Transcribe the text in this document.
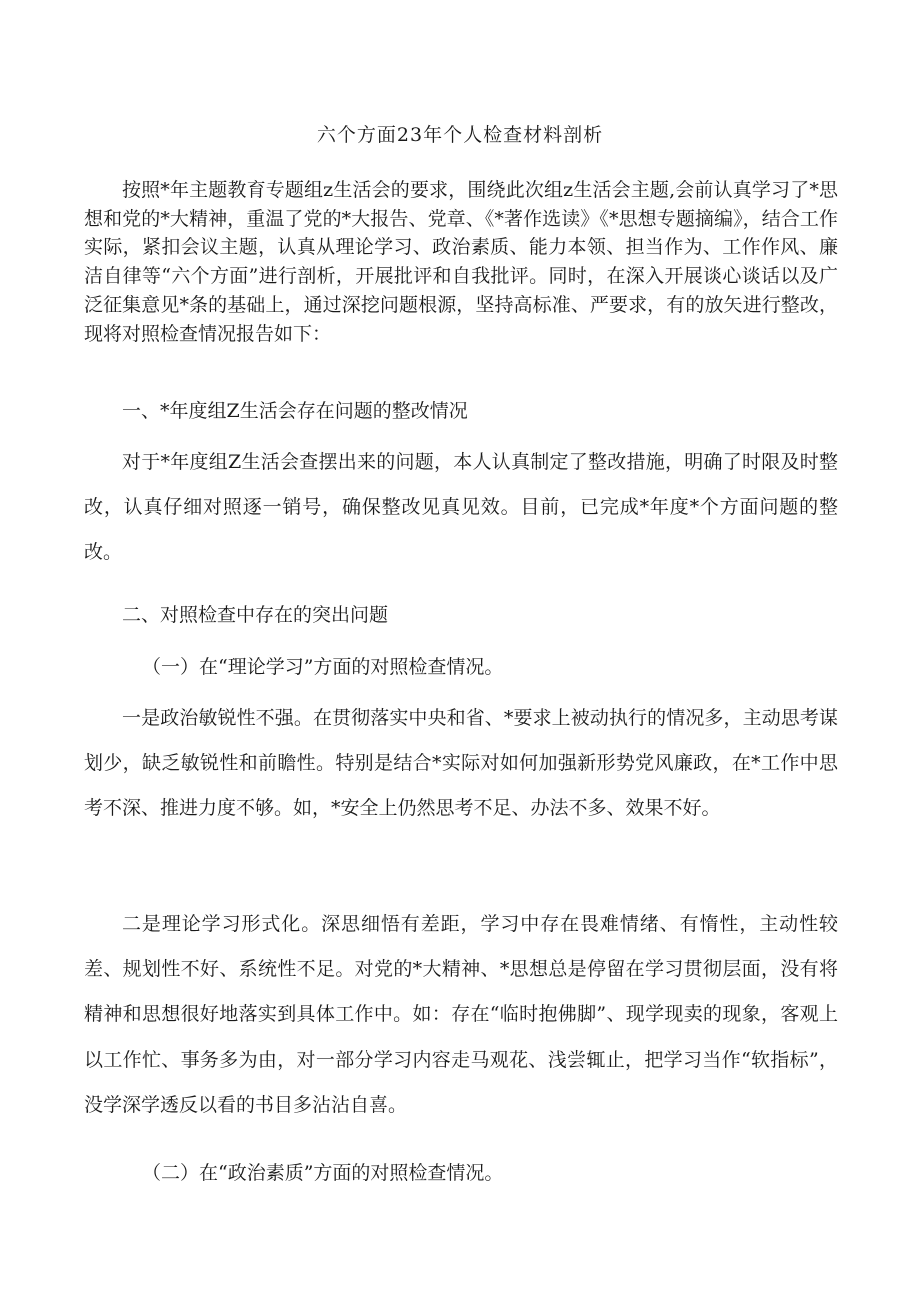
六个方面23年个人检查材料剖析

按照*年主题教育专题组z生活会的要求，围绕此次组z生活会主题,会前认真学习了*思想和党的*大精神，重温了党的*大报告、党章、《*著作选读》《*思想专题摘编》，结合工作实际，紧扣会议主题，认真从理论学习、政治素质、能力本领、担当作为、工作作风、廉洁自律等“六个方面”进行剖析，开展批评和自我批评。同时，在深入开展谈心谈话以及广泛征集意见*条的基础上，通过深挖问题根源，坚持高标准、严要求，有的放矢进行整改，现将对照检查情况报告如下：

一、*年度组Z生活会存在问题的整改情况

对于*年度组Z生活会查摆出来的问题，本人认真制定了整改措施，明确了时限及时整改，认真仔细对照逐一销号，确保整改见真见效。目前，已完成*年度*个方面问题的整改。

二、对照检查中存在的突出问题

（一）在“理论学习”方面的对照检查情况。

一是政治敏锐性不强。在贯彻落实中央和省、*要求上被动执行的情况多，主动思考谋划少，缺乏敏锐性和前瞻性。特别是结合*实际对如何加强新形势党风廉政，在*工作中思考不深、推进力度不够。如，*安全上仍然思考不足、办法不多、效果不好。

二是理论学习形式化。深思细悟有差距，学习中存在畏难情绪、有惰性，主动性较差、规划性不好、系统性不足。对党的*大精神、*思想总是停留在学习贯彻层面，没有将精神和思想很好地落实到具体工作中。如：存在“临时抱佛脚”、现学现卖的现象，客观上以工作忙、事务多为由，对一部分学习内容走马观花、浅尝辄止，把学习当作“软指标”，没学深学透反以看的书目多沾沾自喜。

（二）在“政治素质”方面的对照检查情况。
